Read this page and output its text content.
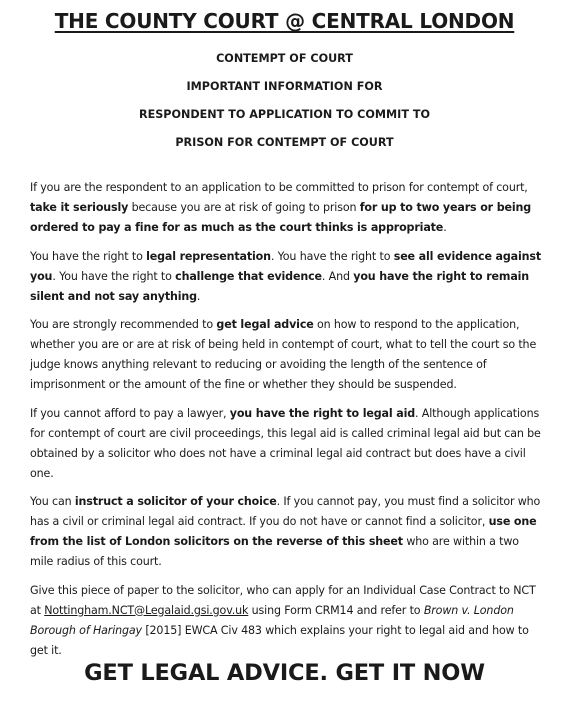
THE COUNTY COURT @ CENTRAL LONDON
CONTEMPT OF COURT
IMPORTANT INFORMATION FOR
RESPONDENT TO APPLICATION TO COMMIT TO
PRISON FOR CONTEMPT OF COURT

If you are the respondent to an application to be committed to prison for contempt of court, take it seriously because you are at risk of going to prison for up to two years or being ordered to pay a fine for as much as the court thinks is appropriate.

You have the right to legal representation. You have the right to see all evidence against you. You have the right to challenge that evidence. And you have the right to remain silent and not say anything.

You are strongly recommended to get legal advice on how to respond to the application, whether you are or are at risk of being held in contempt of court, what to tell the court so the judge knows anything relevant to reducing or avoiding the length of the sentence of imprisonment or the amount of the fine or whether they should be suspended.

If you cannot afford to pay a lawyer, you have the right to legal aid. Although applications for contempt of court are civil proceedings, this legal aid is called criminal legal aid but can be obtained by a solicitor who does not have a criminal legal aid contract but does have a civil one.

You can instruct a solicitor of your choice. If you cannot pay, you must find a solicitor who has a civil or criminal legal aid contract. If you do not have or cannot find a solicitor, use one from the list of London solicitors on the reverse of this sheet who are within a two mile radius of this court.

Give this piece of paper to the solicitor, who can apply for an Individual Case Contract to NCT at Nottingham.NCT@Legalaid.gsi.gov.uk using Form CRM14 and refer to Brown v. London Borough of Haringay [2015] EWCA Civ 483 which explains your right to legal aid and how to get it.

GET LEGAL ADVICE. GET IT NOW
